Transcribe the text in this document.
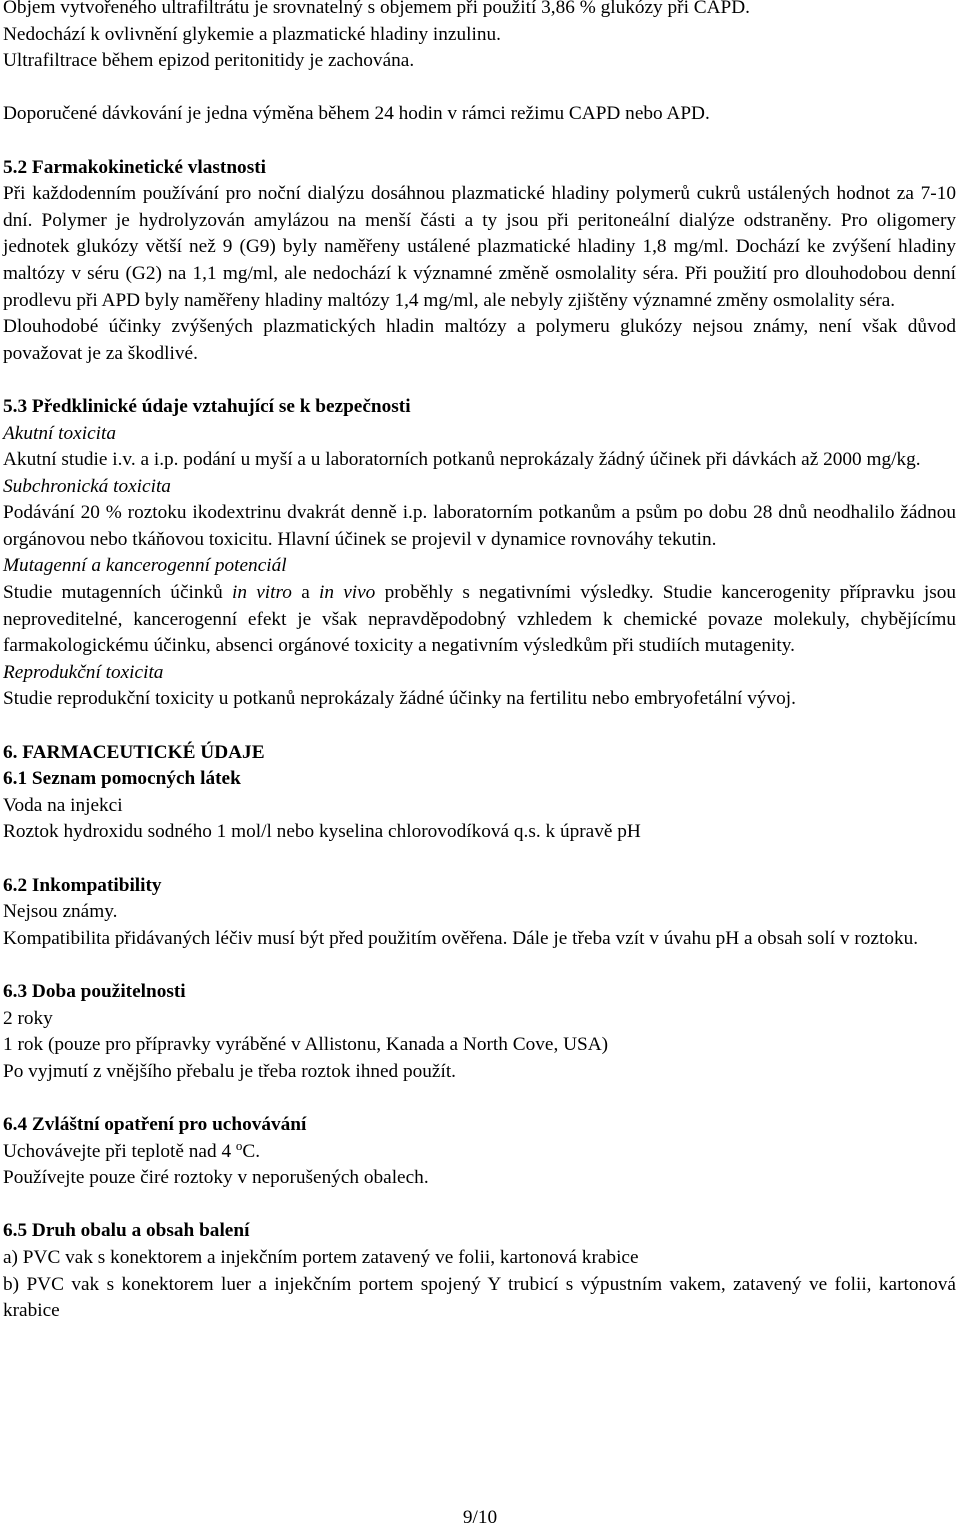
Objem vytvořeného ultrafiltrátu je srovnatelný s objemem při použití 3,86 % glukózy při CAPD.

Nedochází k ovlivnění glykemie a plazmatické hladiny inzulinu.

Ultrafiltrace během epizod peritonitidy je zachována.

Doporučené dávkování je jedna výměna během 24 hodin v rámci režimu CAPD nebo APD.

5.2 Farmakokinetické vlastnosti

Při každodenním používání pro noční dialýzu dosáhnou plazmatické hladiny polymerů cukrů ustálených hodnot za 7-10 dní. Polymer je hydrolyzován amylázou na menší části a ty jsou při peritoneální dialýze odstraněny. Pro oligomery jednotek glukózy větší než 9 (G9) byly naměřeny ustálené plazmatické hladiny 1,8 mg/ml. Dochází ke zvýšení hladiny maltózy v séru (G2) na 1,1 mg/ml, ale nedochází k významné změně osmolality séra. Při použití pro dlouhodobou denní prodlevu při APD byly naměřeny hladiny maltózy 1,4 mg/ml, ale nebyly zjištěny významné změny osmolality séra.

Dlouhodobé účinky zvýšených plazmatických hladin maltózy a polymeru glukózy nejsou známy, není však důvod považovat je za škodlivé.

5.3 Předklinické údaje vztahující se k bezpečnosti

Akutní toxicita

Akutní studie i.v. a i.p. podání u myší a u laboratorních potkanů neprokázaly žádný účinek při dávkách až 2000 mg/kg.

Subchronická toxicita

Podávání 20 % roztoku ikodextrinu dvakrát denně i.p. laboratorním potkanům a psům po dobu 28 dnů neodhalilo žádnou orgánovou nebo tkáňovou toxicitu. Hlavní účinek se projevil v dynamice rovnováhy tekutin.

Mutagenní a kancerogenní potenciál

Studie mutagenních účinků in vitro a in vivo proběhly s negativními výsledky. Studie kancerogenity přípravku jsou neproveditelné, kancerogenní efekt je však nepravděpodobný vzhledem k chemické povaze molekuly, chybějícímu farmakologickému účinku, absenci orgánové toxicity a negativním výsledkům při studiích mutagenity.

Reprodukční toxicita

Studie reprodukční toxicity u potkanů neprokázaly žádné účinky na fertilitu nebo embryofetální vývoj.

6. FARMACEUTICKÉ ÚDAJE

6.1 Seznam pomocných látek

Voda na injekci

Roztok hydroxidu sodného 1 mol/l nebo kyselina chlorovodíková q.s. k úpravě pH

6.2 Inkompatibility

Nejsou známy.

Kompatibilita přidávaných léčiv musí být před použitím ověřena. Dále je třeba vzít v úvahu pH a obsah solí v roztoku.

6.3 Doba použitelnosti

2 roky

1 rok (pouze pro přípravky vyráběné v Allistonu, Kanada a North Cove, USA)

Po vyjmutí z vnějšího přebalu je třeba roztok ihned použít.

6.4 Zvláštní opatření pro uchovávání

Uchovávejte při teplotě nad 4 $^o$C.

Používejte pouze čiré roztoky v neporušených obalech.

6.5 Druh obalu a obsah balení

a) PVC vak s konektorem a injekčním portem zatavený ve folii, kartonová krabice

b) PVC vak s konektorem luer a injekčním portem spojený Y trubicí s výpustním vakem, zatavený ve folii, kartonová krabice

9/10
